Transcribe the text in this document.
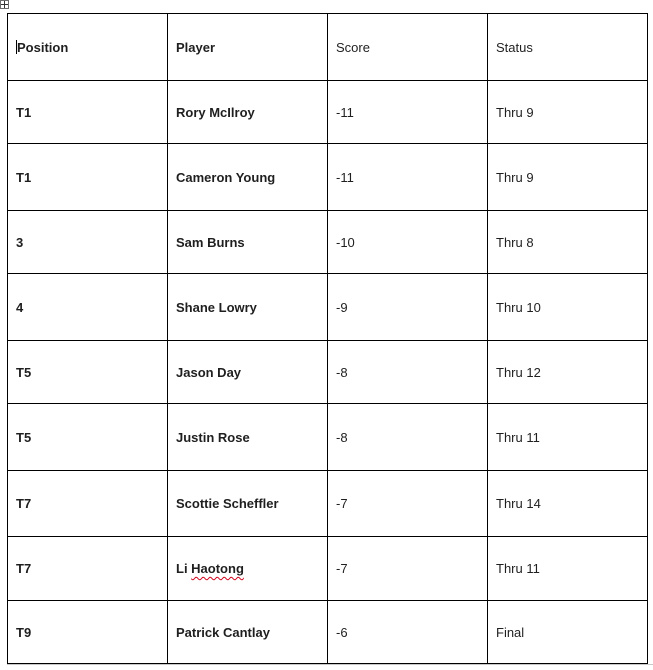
Position	Player	Score	Status
T1	Rory McIlroy	-11	Thru 9
T1	Cameron Young	-11	Thru 9
3	Sam Burns	-10	Thru 8
4	Shane Lowry	-9	Thru 10
T5	Jason Day	-8	Thru 12
T5	Justin Rose	-8	Thru 11
T7	Scottie Scheffler	-7	Thru 14
T7	Li Haotong	-7	Thru 11
T9	Patrick Cantlay	-6	Final
